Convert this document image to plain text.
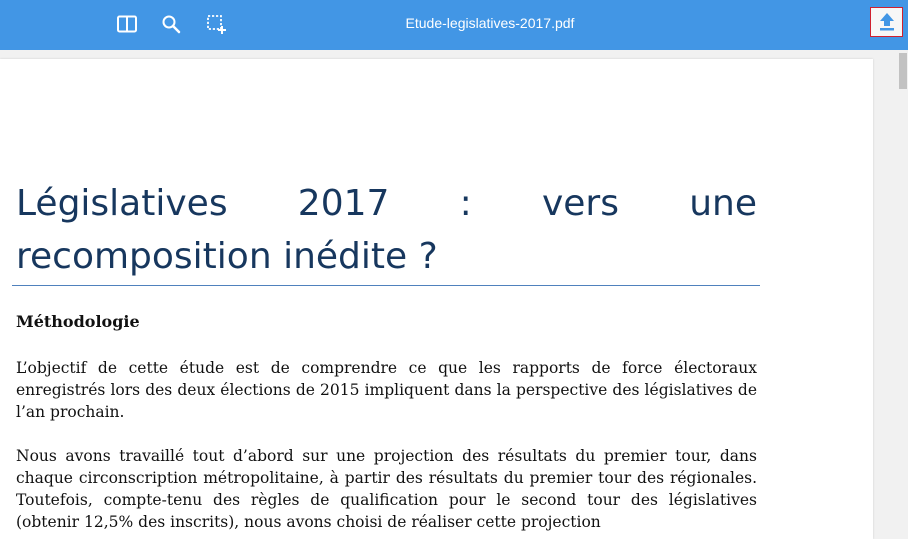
Etude-legislatives-2017.pdf
Législatives 2017 : vers une recomposition inédite ?
Méthodologie

L’objectif de cette étude est de comprendre ce que les rapports de force électoraux enregistrés lors des deux élections de 2015 impliquent dans la perspective des législatives de l’an prochain.

Nous avons travaillé tout d’abord sur une projection des résultats du premier tour, dans chaque circonscription métropolitaine, à partir des résultats du premier tour des régionales. Toutefois, compte-tenu des règles de qualification pour le second tour des législatives (obtenir 12,5% des inscrits), nous avons choisi de réaliser cette projection
